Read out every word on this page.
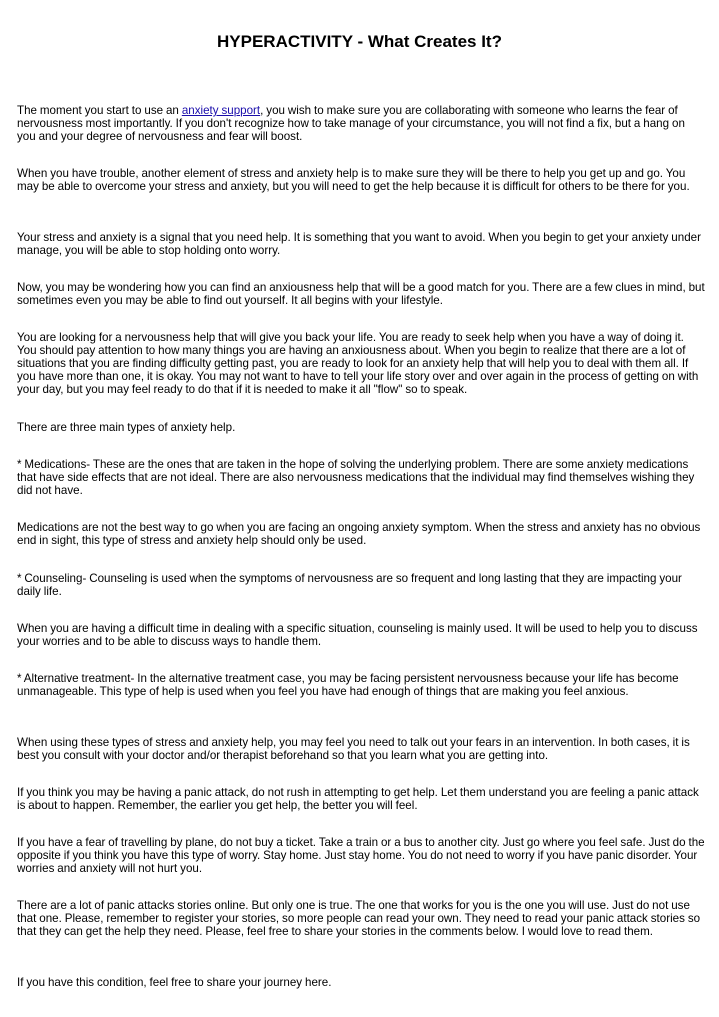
HYPERACTIVITY - What Creates It?

The moment you start to use an anxiety support, you wish to make sure you are collaborating with someone who learns the fear of nervousness most importantly. If you don't recognize how to take manage of your circumstance, you will not find a fix, but a hang on you and your degree of nervousness and fear will boost.

When you have trouble, another element of stress and anxiety help is to make sure they will be there to help you get up and go. You may be able to overcome your stress and anxiety, but you will need to get the help because it is difficult for others to be there for you.

Your stress and anxiety is a signal that you need help. It is something that you want to avoid. When you begin to get your anxiety under manage, you will be able to stop holding onto worry.

Now, you may be wondering how you can find an anxiousness help that will be a good match for you. There are a few clues in mind, but sometimes even you may be able to find out yourself. It all begins with your lifestyle.

You are looking for a nervousness help that will give you back your life. You are ready to seek help when you have a way of doing it. You should pay attention to how many things you are having an anxiousness about. When you begin to realize that there are a lot of situations that you are finding difficulty getting past, you are ready to look for an anxiety help that will help you to deal with them all. If you have more than one, it is okay. You may not want to have to tell your life story over and over again in the process of getting on with your day, but you may feel ready to do that if it is needed to make it all "flow" so to speak.

There are three main types of anxiety help.

* Medications- These are the ones that are taken in the hope of solving the underlying problem. There are some anxiety medications that have side effects that are not ideal. There are also nervousness medications that the individual may find themselves wishing they did not have.

Medications are not the best way to go when you are facing an ongoing anxiety symptom. When the stress and anxiety has no obvious end in sight, this type of stress and anxiety help should only be used.

* Counseling- Counseling is used when the symptoms of nervousness are so frequent and long lasting that they are impacting your daily life.

When you are having a difficult time in dealing with a specific situation, counseling is mainly used. It will be used to help you to discuss your worries and to be able to discuss ways to handle them.

* Alternative treatment- In the alternative treatment case, you may be facing persistent nervousness because your life has become unmanageable. This type of help is used when you feel you have had enough of things that are making you feel anxious.

When using these types of stress and anxiety help, you may feel you need to talk out your fears in an intervention. In both cases, it is best you consult with your doctor and/or therapist beforehand so that you learn what you are getting into.

If you think you may be having a panic attack, do not rush in attempting to get help. Let them understand you are feeling a panic attack is about to happen. Remember, the earlier you get help, the better you will feel.

If you have a fear of travelling by plane, do not buy a ticket. Take a train or a bus to another city. Just go where you feel safe. Just do the opposite if you think you have this type of worry. Stay home. Just stay home. You do not need to worry if you have panic disorder. Your worries and anxiety will not hurt you.

There are a lot of panic attacks stories online. But only one is true. The one that works for you is the one you will use. Just do not use that one. Please, remember to register your stories, so more people can read your own. They need to read your panic attack stories so that they can get the help they need. Please, feel free to share your stories in the comments below. I would love to read them.

If you have this condition, feel free to share your journey here.
